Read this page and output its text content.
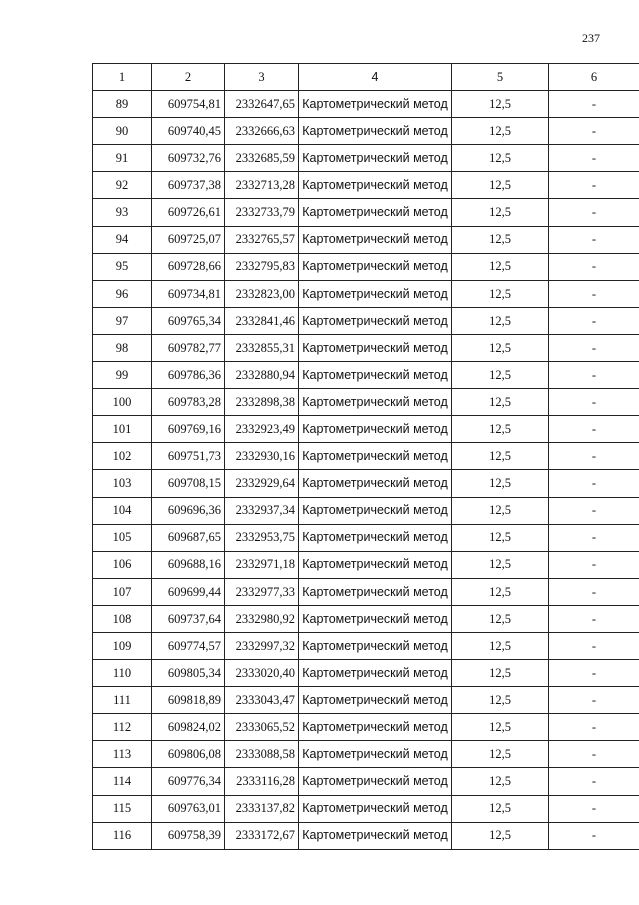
237
1	2	3	4	5	6
89	609754,81	2332647,65	Картометрический метод	12,5	-
90	609740,45	2332666,63	Картометрический метод	12,5	-
91	609732,76	2332685,59	Картометрический метод	12,5	-
92	609737,38	2332713,28	Картометрический метод	12,5	-
93	609726,61	2332733,79	Картометрический метод	12,5	-
94	609725,07	2332765,57	Картометрический метод	12,5	-
95	609728,66	2332795,83	Картометрический метод	12,5	-
96	609734,81	2332823,00	Картометрический метод	12,5	-
97	609765,34	2332841,46	Картометрический метод	12,5	-
98	609782,77	2332855,31	Картометрический метод	12,5	-
99	609786,36	2332880,94	Картометрический метод	12,5	-
100	609783,28	2332898,38	Картометрический метод	12,5	-
101	609769,16	2332923,49	Картометрический метод	12,5	-
102	609751,73	2332930,16	Картометрический метод	12,5	-
103	609708,15	2332929,64	Картометрический метод	12,5	-
104	609696,36	2332937,34	Картометрический метод	12,5	-
105	609687,65	2332953,75	Картометрический метод	12,5	-
106	609688,16	2332971,18	Картометрический метод	12,5	-
107	609699,44	2332977,33	Картометрический метод	12,5	-
108	609737,64	2332980,92	Картометрический метод	12,5	-
109	609774,57	2332997,32	Картометрический метод	12,5	-
110	609805,34	2333020,40	Картометрический метод	12,5	-
111	609818,89	2333043,47	Картометрический метод	12,5	-
112	609824,02	2333065,52	Картометрический метод	12,5	-
113	609806,08	2333088,58	Картометрический метод	12,5	-
114	609776,34	2333116,28	Картометрический метод	12,5	-
115	609763,01	2333137,82	Картометрический метод	12,5	-
116	609758,39	2333172,67	Картометрический метод	12,5	-
